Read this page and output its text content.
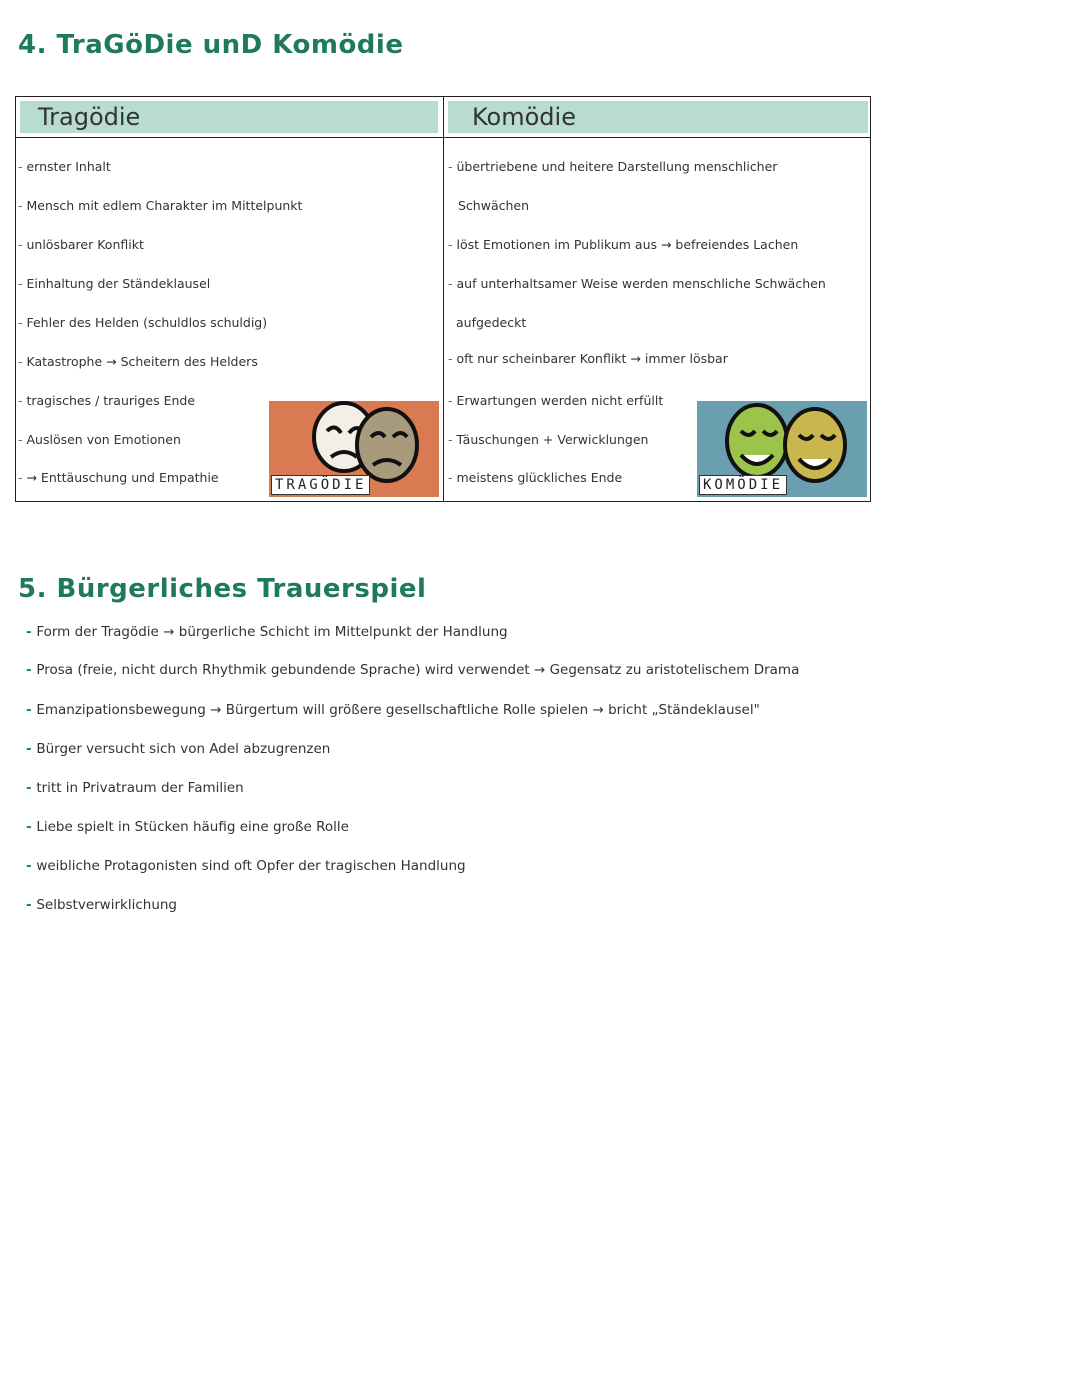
4. TraGöDie unD Komödie
Tragödie	Komödie
- ernster Inhalt
- Mensch mit edlem Charakter im Mittelpunkt
- unlösbarer Konflikt
- Einhaltung der Ständeklausel
- Fehler des Helden (schuldlos schuldig)
- Katastrophe → Scheitern des Helders
- tragisches / trauriges Ende
- Auslösen von Emotionen
- → Enttäuschung und Empathie
- übertriebene und heitere Darstellung menschlicher
Schwächen
- löst Emotionen im Publikum aus → befreiendes Lachen
- auf unterhaltsamer Weise werden menschliche Schwächen
aufgedeckt
- oft nur scheinbarer Konflikt → immer lösbar
- Erwartungen werden nicht erfüllt
- Täuschungen + Verwicklungen
- meistens glückliches Ende
TRAGÖDIE	KOMÖDIE
5. Bürgerliches Trauerspiel
- Form der Tragödie → bürgerliche Schicht im Mittelpunkt der Handlung
- Prosa (freie, nicht durch Rhythmik gebundende Sprache) wird verwendet → Gegensatz zu aristotelischem Drama
- Emanzipationsbewegung → Bürgertum will größere gesellschaftliche Rolle spielen → bricht „Ständeklausel"
- Bürger versucht sich von Adel abzugrenzen
- tritt in Privatraum der Familien
- Liebe spielt in Stücken häufig eine große Rolle
- weibliche Protagonisten sind oft Opfer der tragischen Handlung
- Selbstverwirklichung
